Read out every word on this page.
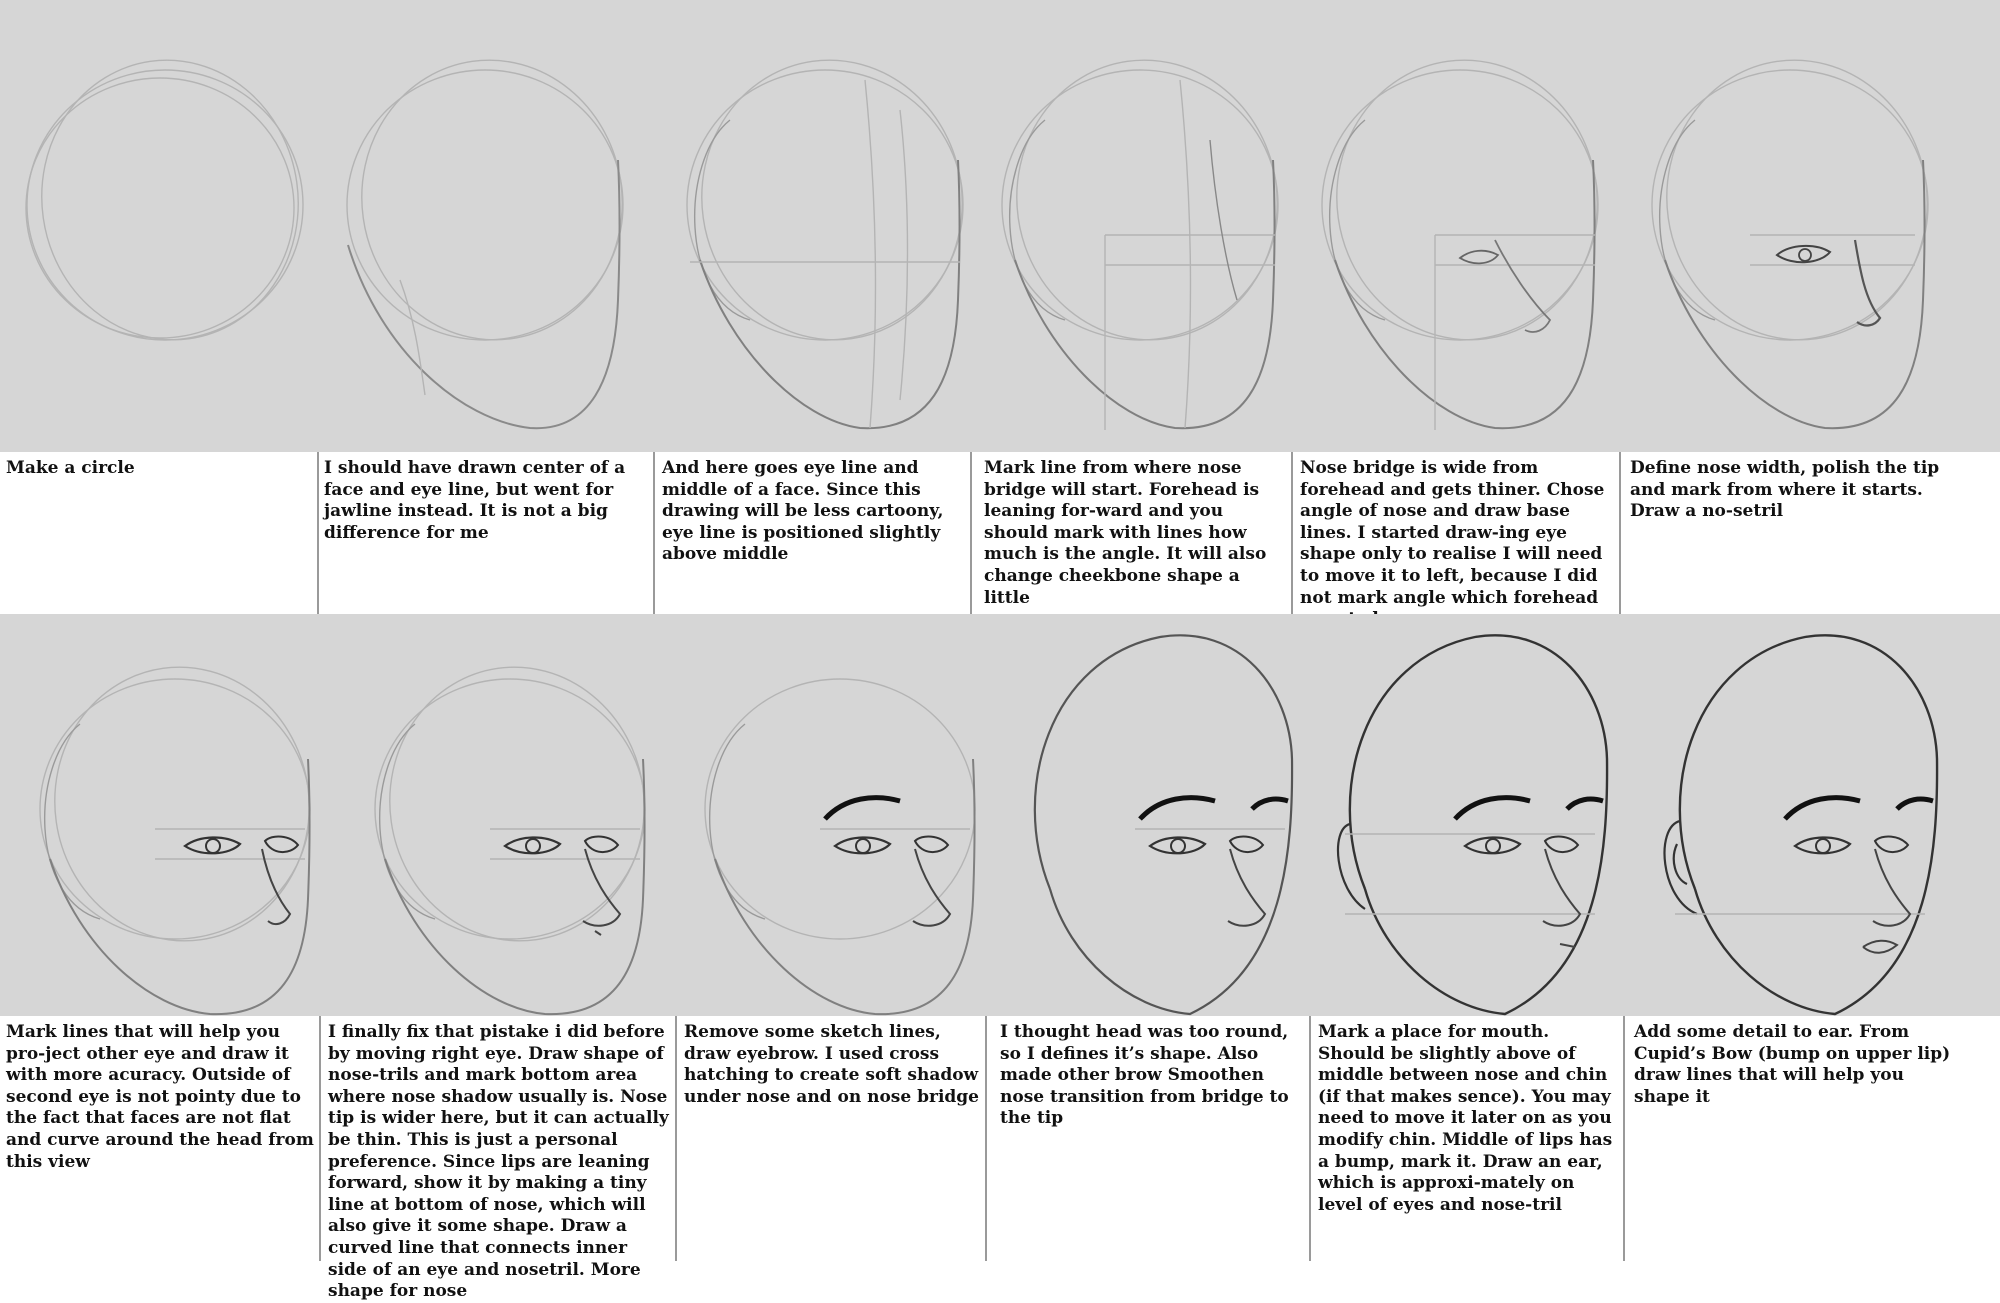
Make a circle	I should have drawn center of a face and eye line, but went for jawline instead. It is not a big difference for me
And here goes eye line and middle of a face. Since this drawing will be less cartoony, eye line is positioned slightly above middle
Mark line from where nose bridge will start. Forehead is leaning for-ward and you should mark with lines how much is the angle. It will also change cheekbone shape a little
Nose bridge is wide from forehead and gets thiner. Chose angle of nose and draw base lines. I started draw-ing eye shape only to realise I will need to move it to left, because I did not mark angle which forehead
Define nose width, polish the tip and mark from where it starts. Draw a no-setril
Mark lines that will help you pro-ject other eye and draw it with more acuracy. Outside of second eye is not pointy due to the fact that faces are not flat and curve around the head from this view
I finally fix that pistake i did before by moving right eye. Draw shape of nose-trils and mark bottom area where nose shadow usually is. Nose tip is wider here, but it can actually be thin. This is just a personal preference. Since lips are leaning forward, show it by making a tiny line at bottom of nose, which will also give it some shape. Draw a curved line that connects inner side of an eye and nosetril. More shape for nose
Remove some sketch lines, draw eyebrow. I used cross hatching to create soft shadow under nose and on nose bridge
I thought head was too round, so I defines it’s shape. Also made other brow Smoothen nose transition from bridge to the tip
Mark a place for mouth. Should be slightly above of middle between nose and chin (if that makes sence). You may need to move it later on as you modify chin. Middle of lips has a bump, mark it. Draw an ear, which is approxi-mately on level of eyes and nose-tril
Add some detail to ear. From Cupid’s Bow (bump on upper lip) draw lines that will help you shape it
